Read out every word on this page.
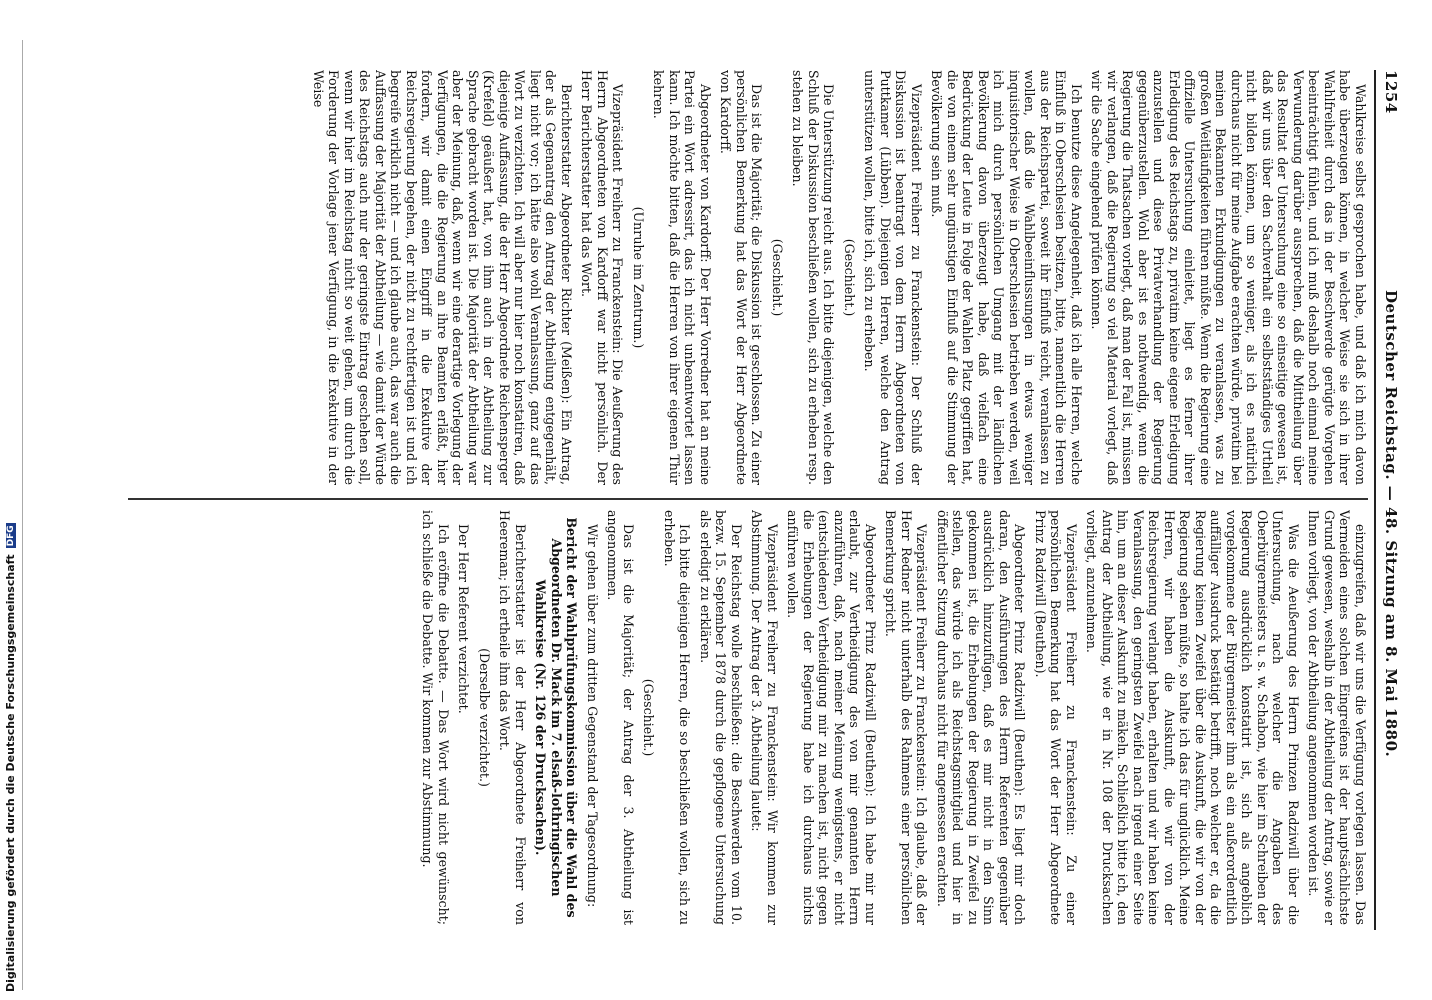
Digitalisierung gefördert durch die Deutsche ForschungsgemeinschaftDFG
1254
Deutscher Reichstag. — 48. Sitzung am 8. Mai 1880.

Wahlkreise selbst gesprochen habe, und daß ich mich davon habe überzeugen können, in welcher Weise sie sich in ihrer Wahlfreiheit durch das in der Beschwerde gerügte Vorgehen beeinträchtigt fühlen, und ich muß deshalb noch einmal meine Verwunderung darüber aussprechen, daß die Mittheilung über das Resultat der Untersuchung eine so einseitige gewesen ist, daß wir uns über den Sachverhalt ein selbstständiges Urtheil nicht bilden können, um so weniger, als ich es natürlich durchaus nicht für meine Aufgabe erachten würde, privatim bei meinen Bekannten Erkundigungen zu veranlassen, was zu großen Weitläufigkeiten führen müßte. Wenn die Regierung eine offizielle Untersuchung einleitet, liegt es ferner ihrer Erledigung des Reichstags zu, privatim keine eigene Erledigung anzustellen und diese Privatverhandlung der Regierung gegenüberzustellen. Wohl aber ist es nothwendig, wenn die Regierung die Thatsachen vorlegt, daß man der Fall ist, müssen wir verlangen, daß die Regierung so viel Material vorlegt, daß wir die Sache eingehend prüfen können.

Ich benutze diese Angelegenheit, daß ich alle Herren, welche Einfluß in Oberschlesien besitzen, bitte, namentlich die Herren aus der Reichspartei, soweit ihr Einfluß reicht, veranlassen zu wollen, daß die Wahlbeeinflussungen in etwas weniger inquisitorischer Weise in Oberschlesien betrieben werden, weil ich mich durch persönlichen Umgang mit der ländlichen Bevölkerung davon überzeugt habe, daß vielfach eine Bedrückung der Leute in Folge der Wahlen Platz gegriffen hat, die von einem sehr ungünstigen Einfluß auf die Stimmung der Bevölkerung sein muß.

Vizepräsident Freiherr zu Franckenstein: Der Schluß der Diskussion ist beantragt von dem Herrn Abgeordneten von Puttkamer (Lübben). Diejenigen Herren, welche den Antrag unterstützen wollen, bitte ich, sich zu erheben.

(Geschieht.)

Die Unterstützung reicht aus. Ich bitte diejenigen, welche den Schluß der Diskussion beschließen wollen, sich zu erheben resp. stehen zu bleiben.

(Geschieht.)

Das ist die Majorität; die Diskussion ist geschlossen. Zu einer persönlichen Bemerkung hat das Wort der Herr Abgeordnete von Kardorff.

Abgeordneter von Kardorff: Der Herr Vorredner hat an meine Partei ein Wort adressirt, das ich nicht unbeantwortet lassen kann. Ich möchte bitten, daß die Herren von ihrer eigenen Thür kehren.

(Unruhe im Zentrum.)

Vizepräsident Freiherr zu Franckenstein: Die Aeußerung des Herrn Abgeordneten von Kardorff war nicht persönlich. Der Herr Berichterstatter hat das Wort.

Berichterstatter Abgeordneter Richter (Meißen): Ein Antrag, der als Gegenantrag den Antrag der Abtheilung entgegenhält, liegt nicht vor; ich hätte also wohl Veranlassung, ganz auf das Wort zu verzichten. Ich will aber nur hier noch konstatiren, daß diejenige Auffassung, die der Herr Abgeordnete Reichensperger (Krefeld) geäußert hat, von ihm auch in der Abtheilung zur Sprache gebracht worden ist. Die Majorität der Abtheilung war aber der Meinung, daß, wenn wir eine derartige Vorlegung der Verfügungen, die die Regierung an ihre Beamten erläßt, hier fordern, wir damit einen Eingriff in die Exekutive der Reichsregierung begehen, der nicht zu rechtfertigen ist und ich begreife wirklich nicht — und ich glaube auch, das war auch die Auffassung der Majorität der Abtheilung — wie damit der Würde des Reichstags auch nur der geringste Eintrag geschehen soll, wenn wir hier im Reichstag nicht so weit gehen, um durch die Forderung der Vorlage jener Verfügung, in die Exekutive in der Weise

einzugreifen, daß wir uns die Verfügung vorlegen lassen. Das Vermeiden eines solchen Eingreifens ist der hauptsächlichste Grund gewesen, weshalb in der Abtheilung der Antrag, sowie er Ihnen vorliegt, von der Abtheilung angenommen worden ist.

Was die Aeußerung des Herrn Prinzen Radziwill über die Untersuchung, nach welcher die Angaben des Oberbürgermeisters u. s. w. Schabon, wie hier im Schreiben der Regierung ausdrücklich konstatirt ist, sich als angeblich vorgekommene der Bürgermeister ihm als ein außerordentlich auffälliger Ausdruck bestätigt betrifft, noch welcher er, da die Regierung keinen Zweifel über die Auskunft, die wir von der Regierung sehen müßte, so halte ich das für unglücklich. Meine Herren, wir haben die Auskunft, die wir von der Reichsregierung verlangt haben, erhalten und wir haben keine Veranlassung, den geringsten Zweifel nach irgend einer Seite hin, um an dieser Auskunft zu mäkeln. Schließlich bitte ich, den Antrag der Abtheilung, wie er in Nr. 108 der Drucksachen vorliegt, anzunehmen.

Vizepräsident Freiherr zu Franckenstein: Zu einer persönlichen Bemerkung hat das Wort der Herr Abgeordnete Prinz Radziwill (Beuthen).

Abgeordneter Prinz Radziwill (Beuthen): Es liegt mir doch daran, den Ausführungen des Herrn Referenten gegenüber ausdrücklich hinzuzufügen, daß es mir nicht in den Sinn gekommen ist, die Erhebungen der Regierung in Zweifel zu stellen, das würde ich als Reichstagsmitglied und hier in öffentlicher Sitzung durchaus nicht für angemessen erachten.

Vizepräsident Freiherr zu Franckenstein: Ich glaube, daß der Herr Redner nicht unterhalb des Rahmens einer persönlichen Bemerkung spricht.

Abgeordneter Prinz Radziwill (Beuthen): Ich habe mir nur erlaubt, zur Vertheidigung des von mir genannten Herrn anzuführen, daß, nach meiner Meinung wenigstens, er nicht (entschiedener) Vertheidigung mir zu machen ist, nicht gegen die Erhebungen der Regierung habe ich durchaus nichts anführen wollen.

Vizepräsident Freiherr zu Franckenstein: Wir kommen zur Abstimmung. Der Antrag der 3. Abtheilung lautet:

Der Reichstag wolle beschließen: die Beschwerden vom 10. bezw. 15. September 1878 durch die gepflogene Untersuchung als erledigt zu erklären.

Ich bitte diejenigen Herren, die so beschließen wollen, sich zu erheben.

(Geschieht.)

Das ist die Majorität; der Antrag der 3. Abtheilung ist angenommen.

Wir gehen über zum dritten Gegenstand der Tagesordnung:

Bericht der Wahlprüfungskommission über die Wahl des Abgeordneten Dr. Mack im 7. elsaß-lothringischen Wahlkreise (Nr. 126 der Drucksachen).

Berichterstatter ist der Herr Abgeordnete Freiherr von Heereman; ich ertheile ihm das Wort.

(Derselbe verzichtet.)

Der Herr Referent verzichtet.

Ich eröffne die Debatte. — Das Wort wird nicht gewünscht; ich schließe die Debatte. Wir kommen zur Abstimmung.
